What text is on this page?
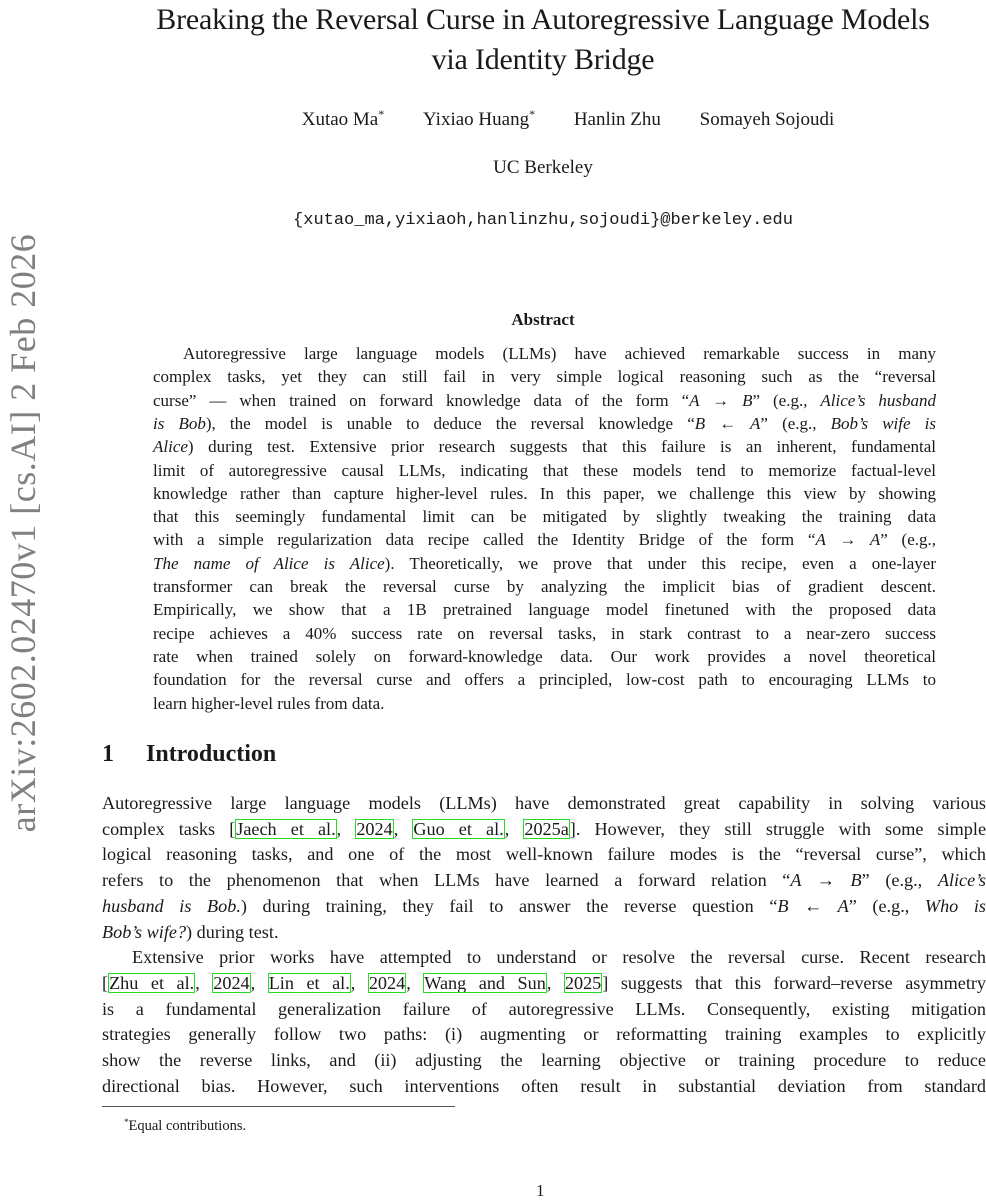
Breaking the Reversal Curse in Autoregressive Language Models
via Identity Bridge
Xutao Ma* Yixiao Huang* Hanlin Zhu Somayeh Sojoudi
UC Berkeley
{xutao_ma,yixiaoh,hanlinzhu,sojoudi}@berkeley.edu
arXiv:2602.02470v1 [cs.AI] 2 Feb 2026	Abstract
Autoregressive large language models (LLMs) have achieved remarkable success in many
complex tasks, yet they can still fail in very simple logical reasoning such as the “reversal
curse” — when trained on forward knowledge data of the form “A → B” (e.g., Alice’s husband
is Bob), the model is unable to deduce the reversal knowledge “B ← A” (e.g., Bob’s wife is
Alice) during test. Extensive prior research suggests that this failure is an inherent, fundamental
limit of autoregressive causal LLMs, indicating that these models tend to memorize factual-level
knowledge rather than capture higher-level rules. In this paper, we challenge this view by showing
that this seemingly fundamental limit can be mitigated by slightly tweaking the training data
with a simple regularization data recipe called the Identity Bridge of the form “A → A” (e.g.,
The name of Alice is Alice). Theoretically, we prove that under this recipe, even a one-layer
transformer can break the reversal curse by analyzing the implicit bias of gradient descent.
Empirically, we show that a 1B pretrained language model finetuned with the proposed data
recipe achieves a 40% success rate on reversal tasks, in stark contrast to a near-zero success
rate when trained solely on forward-knowledge data. Our work provides a novel theoretical
foundation for the reversal curse and offers a principled, low-cost path to encouraging LLMs to
learn higher-level rules from data.
1 Introduction
Autoregressive large language models (LLMs) have demonstrated great capability in solving various
complex tasks [Jaech et al., 2024, Guo et al., 2025a]. However, they still struggle with some simple
logical reasoning tasks, and one of the most well-known failure modes is the “reversal curse”, which
refers to the phenomenon that when LLMs have learned a forward relation “A → B” (e.g., Alice’s
husband is Bob.) during training, they fail to answer the reverse question “B ← A” (e.g., Who is
Bob’s wife?) during test.
Extensive prior works have attempted to understand or resolve the reversal curse. Recent research
[Zhu et al., 2024, Lin et al., 2024, Wang and Sun, 2025] suggests that this forward–reverse asymmetry
is a fundamental generalization failure of autoregressive LLMs. Consequently, existing mitigation
strategies generally follow two paths: (i) augmenting or reformatting training examples to explicitly
show the reverse links, and (ii) adjusting the learning objective or training procedure to reduce
directional bias. However, such interventions often result in substantial deviation from standard
*Equal contributions.
1
